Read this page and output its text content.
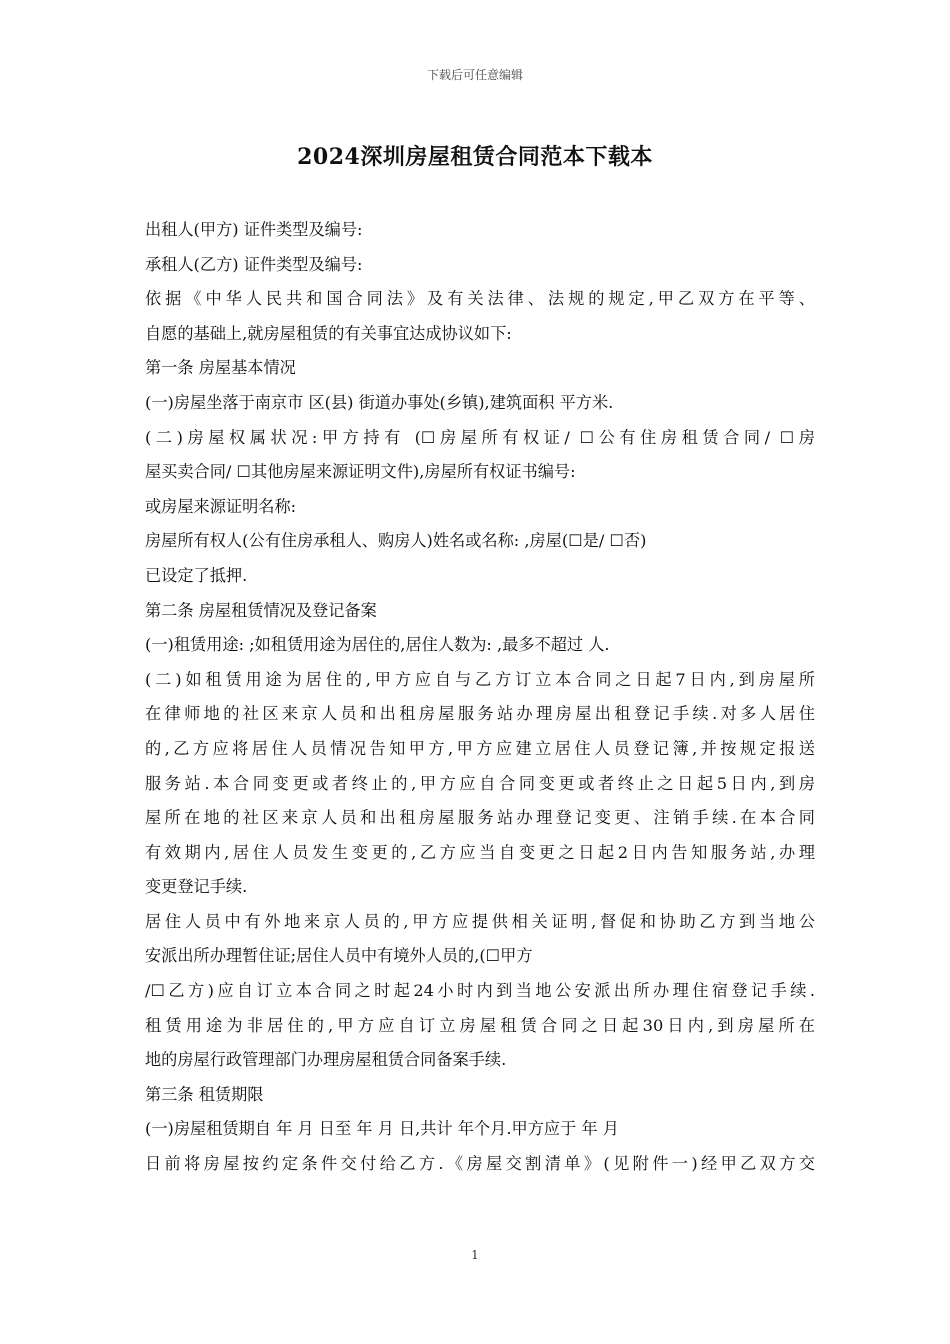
下载后可任意编辑
2024深圳房屋租赁合同范本下载本
出租人(甲方) 证件类型及编号:
承租人(乙方) 证件类型及编号:
依据《中华人民共和国合同法》及有关法律、法规的规定,甲乙双方在平等、
自愿的基础上,就房屋租赁的有关事宜达成协议如下:
第一条 房屋基本情况
(一)房屋坐落于南京市 区(县) 街道办事处(乡镇),建筑面积 平方米.
(二)房屋权属状况:甲方持有 (☐房屋所有权证/ ☐公有住房租赁合同/ ☐房
屋买卖合同/ ☐其他房屋来源证明文件),房屋所有权证书编号:
或房屋来源证明名称:
房屋所有权人(公有住房承租人、购房人)姓名或名称: ,房屋(☐是/ ☐否)
已设定了抵押.
第二条 房屋租赁情况及登记备案
(一)租赁用途: ;如租赁用途为居住的,居住人数为: ,最多不超过 人.
(二)如租赁用途为居住的,甲方应自与乙方订立本合同之日起7日内,到房屋所
在律师地的社区来京人员和出租房屋服务站办理房屋出租登记手续.对多人居住
的,乙方应将居住人员情况告知甲方,甲方应建立居住人员登记簿,并按规定报送
服务站.本合同变更或者终止的,甲方应自合同变更或者终止之日起5日内,到房
屋所在地的社区来京人员和出租房屋服务站办理登记变更、注销手续.在本合同
有效期内,居住人员发生变更的,乙方应当自变更之日起2日内告知服务站,办理
变更登记手续.
居住人员中有外地来京人员的,甲方应提供相关证明,督促和协助乙方到当地公
安派出所办理暂住证;居住人员中有境外人员的,(☐甲方
/☐乙方)应自订立本合同之时起24小时内到当地公安派出所办理住宿登记手续.
租赁用途为非居住的,甲方应自订立房屋租赁合同之日起30日内,到房屋所在
地的房屋行政管理部门办理房屋租赁合同备案手续.
第三条 租赁期限
(一)房屋租赁期自 年 月 日至 年 月 日,共计 年个月.甲方应于 年 月
日前将房屋按约定条件交付给乙方.《房屋交割清单》(见附件一)经甲乙双方交
1
